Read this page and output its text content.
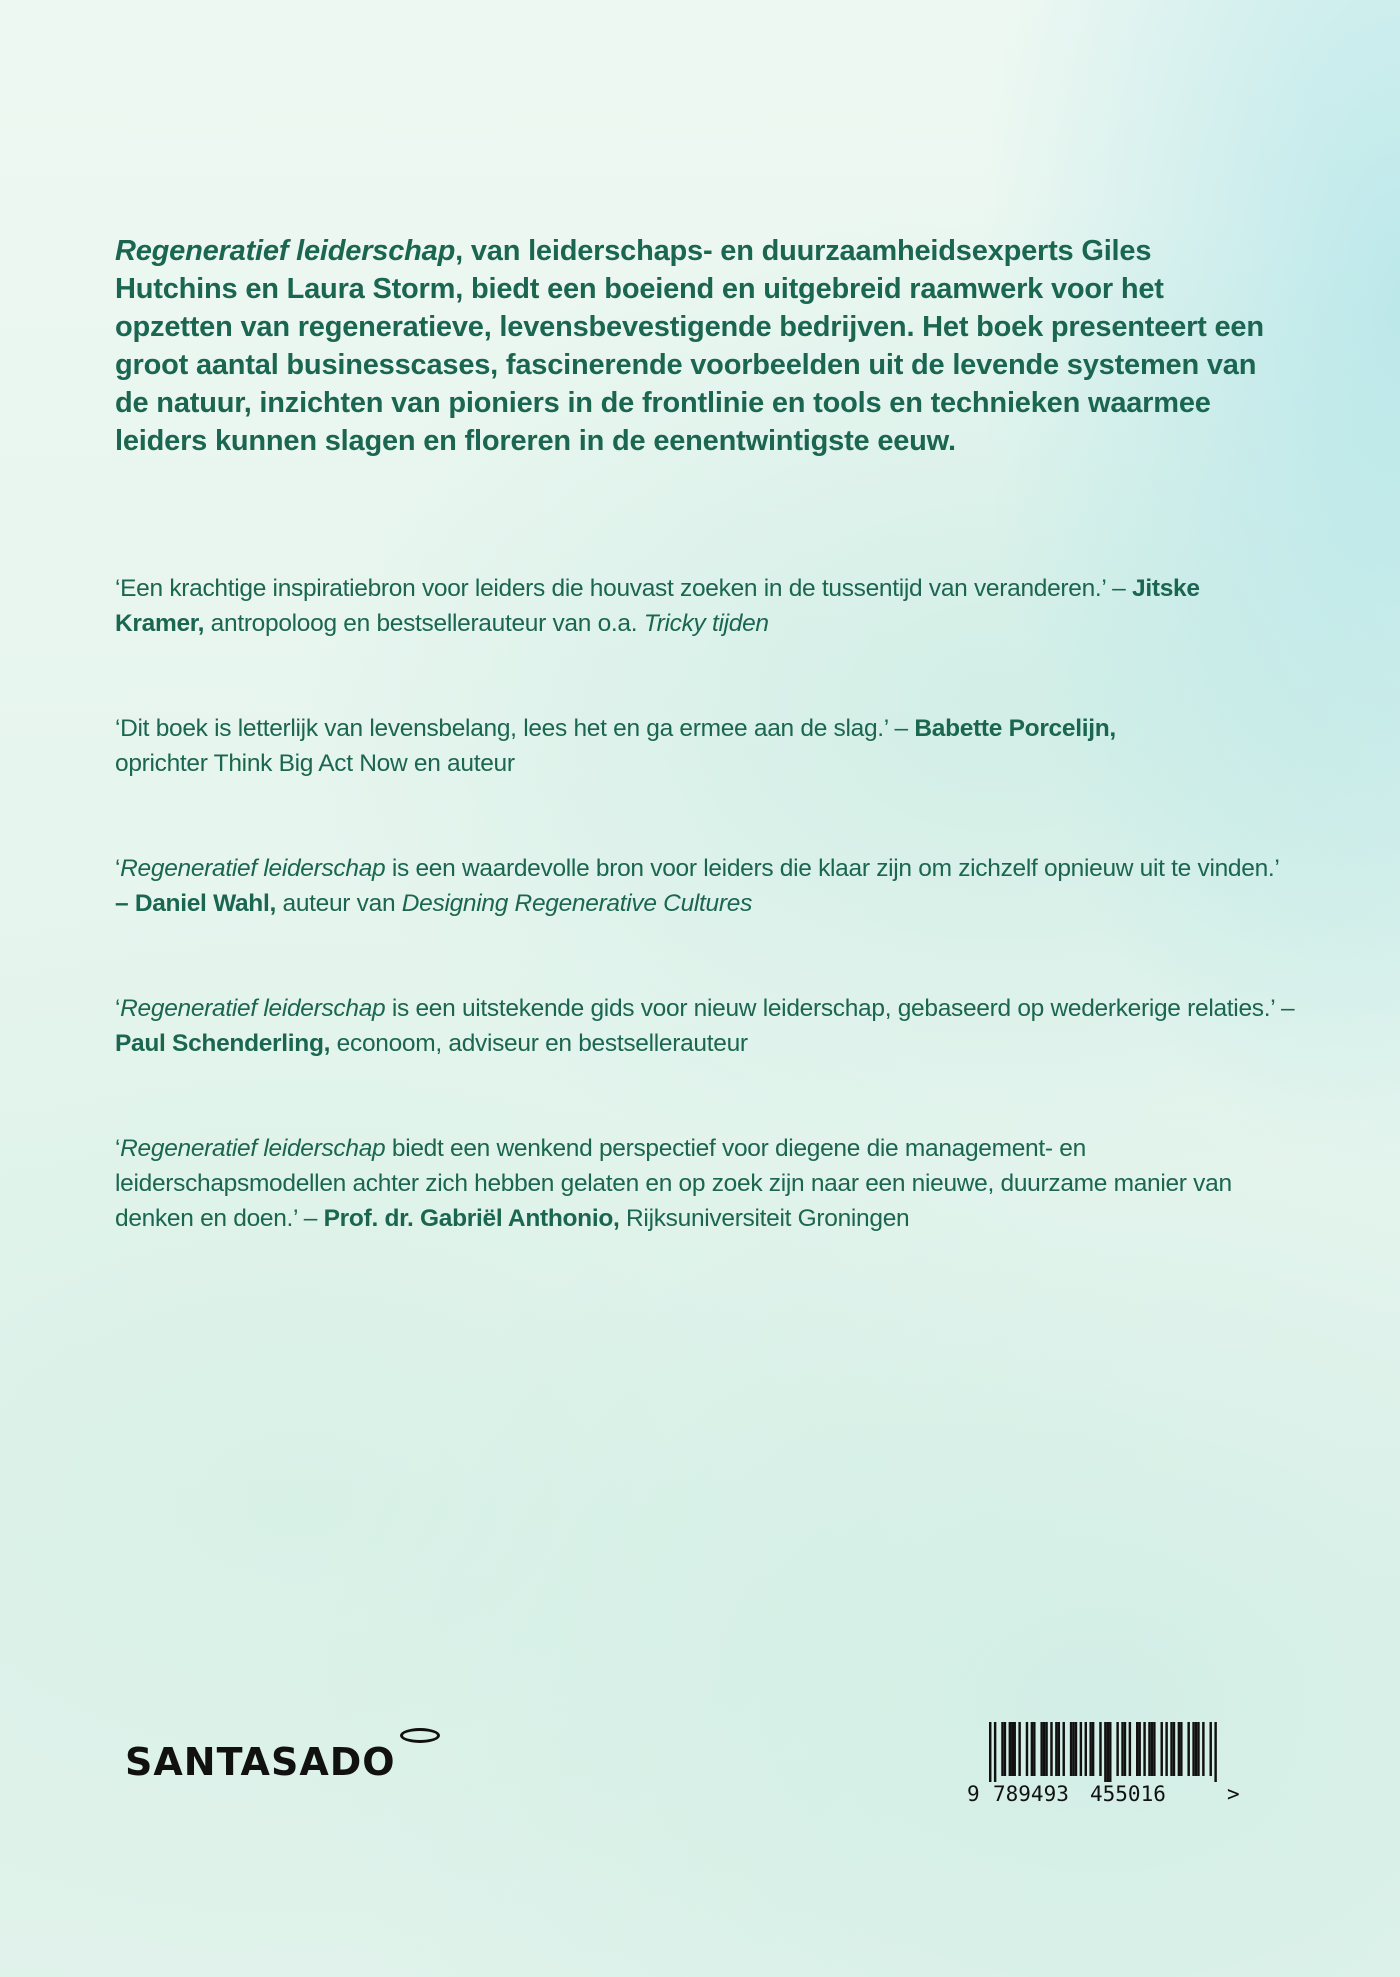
Regeneratief leiderschap, van leiderschaps- en duurzaamheidsexperts Giles Hutchins en Laura Storm, biedt een boeiend en uitgebreid raamwerk voor het opzetten van regeneratieve, levensbevestigende bedrijven. Het boek presenteert een groot aantal businesscases, fascinerende voorbeelden uit de levende systemen van de natuur, inzichten van pioniers in de frontlinie en tools en technieken waarmee leiders kunnen slagen en floreren in de eenentwintigste eeuw.

‘Een krachtige inspiratiebron voor leiders die houvast zoeken in de tussentijd van veranderen.’ – Jitske Kramer, antropoloog en bestsellerauteur van o.a. Tricky tijden

‘Dit boek is letterlijk van levensbelang, lees het en ga ermee aan de slag.’ – Babette Porcelijn,
oprichter Think Big Act Now en auteur

‘Regeneratief leiderschap is een waardevolle bron voor leiders die klaar zijn om zichzelf opnieuw uit te vinden.’ – Daniel Wahl, auteur van Designing Regenerative Cultures

‘Regeneratief leiderschap is een uitstekende gids voor nieuw leiderschap, gebaseerd op wederkerige relaties.’ – Paul Schenderling, econoom, adviseur en bestsellerauteur

‘Regeneratief leiderschap biedt een wenkend perspectief voor diegene die management- en leiderschapsmodellen achter zich hebben gelaten en op zoek zijn naar een nieuwe, duurzame manier van denken en doen.’ – Prof. dr. Gabriël Anthonio, Rijksuniversiteit Groningen

SANTASADO
9 789493 455016	>
